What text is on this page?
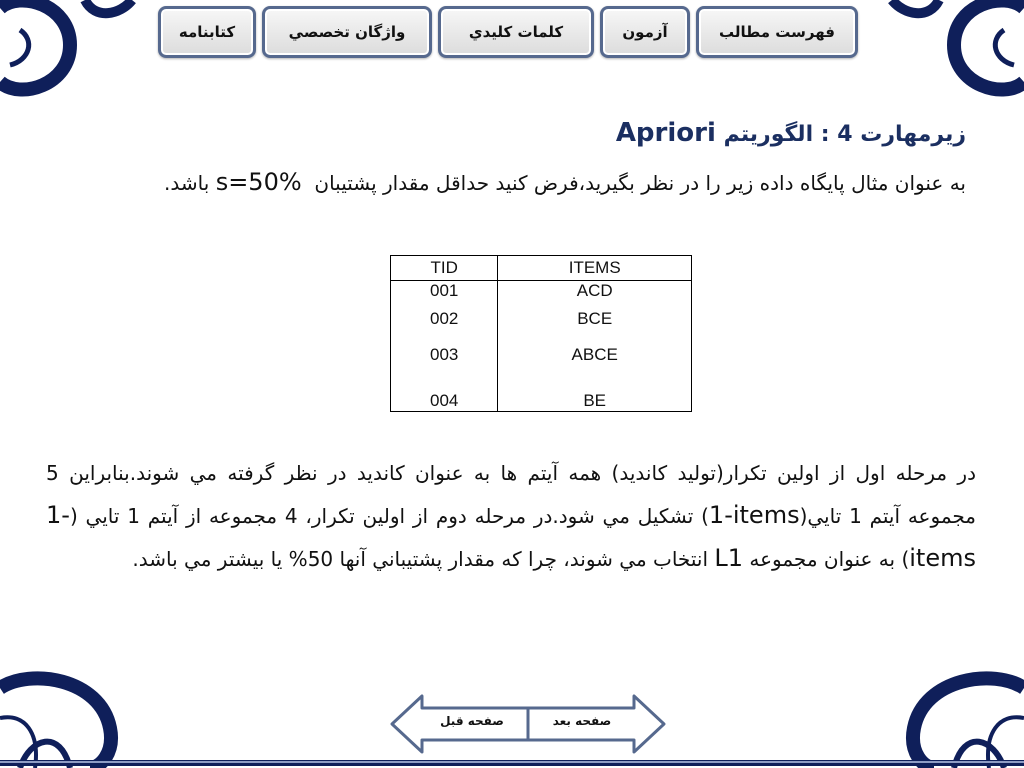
كتابنامه	واژگان تخصصي	كلمات كليدي	آزمون	فهرست مطالب
زیرمهارت 4 : الگوریتم Apriori
به عنوان مثال پایگاه داده زیر را در نظر بگیرید،فرض کنید حداقل مقدار پشتیبان  s=50% باشد.
TID	ITEMS
001	ACD
002	BCE
003	ABCE
004	BE
در مرحله اول از اولین تکرار(تولید کاندید) همه آیتم ها به عنوان کاندید در نظر گرفته مي شوند.بنابراین 5 مجموعه آیتم 1 تايي(1-items) تشکیل مي شود.در مرحله دوم از اولین تکرار، 4 مجموعه از آیتم 1 تايي (1-items) به عنوان مجموعه L1 انتخاب مي شوند، چرا که مقدار پشتيباني آنها 50% يا بيشتر مي باشد.
صفحه قبل	صفحه بعد
